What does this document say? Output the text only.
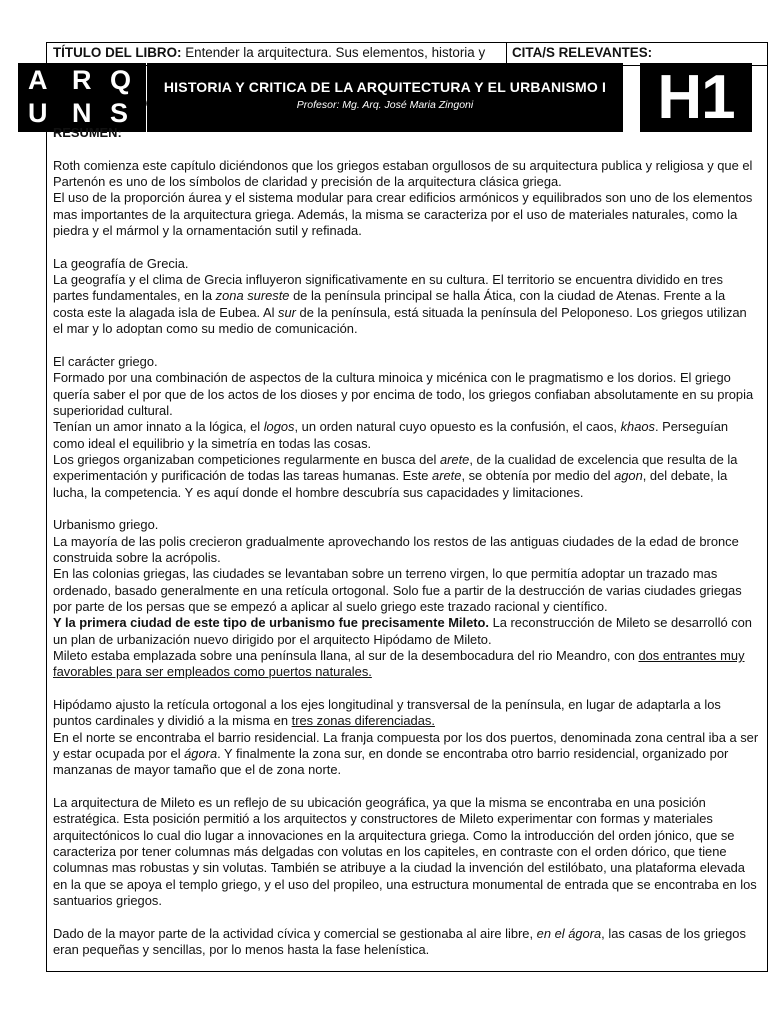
TÍTULO DEL LIBRO: Entender la arquitectura. Sus elementos, historia y CITA/S RELEVANTES:
A R Q
U N S
HISTORIA Y CRITICA DE LA ARQUITECTURA Y EL URBANISMO I
Profesor: Mg. Arq. José Maria Zingoni	H1

RESUMEN:

Roth comienza este capítulo diciéndonos que los griegos estaban orgullosos de su arquitectura publica y religiosa y que el Partenón es uno de los símbolos de claridad y precisión de la arquitectura clásica griega.

El uso de la proporción áurea y el sistema modular para crear edificios armónicos y equilibrados son uno de los elementos mas importantes de la arquitectura griega. Además, la misma se caracteriza por el uso de materiales naturales, como la piedra y el mármol y la ornamentación sutil y refinada.

La geografía de Grecia.

La geografía y el clima de Grecia influyeron significativamente en su cultura. El territorio se encuentra dividido en tres partes fundamentales, en la zona sureste de la península principal se halla Ática, con la ciudad de Atenas. Frente a la costa este la alagada isla de Eubea. Al sur de la península, está situada la península del Peloponeso. Los griegos utilizan el mar y lo adoptan como su medio de comunicación.

El carácter griego.

Formado por una combinación de aspectos de la cultura minoica y micénica con le pragmatismo e los dorios. El griego quería saber el por que de los actos de los dioses y por encima de todo, los griegos confiaban absolutamente en su propia superioridad cultural.

Tenían un amor innato a la lógica, el logos, un orden natural cuyo opuesto es la confusión, el caos, khaos. Perseguían como ideal el equilibrio y la simetría en todas las cosas.

Los griegos organizaban competiciones regularmente en busca del arete, de la cualidad de excelencia que resulta de la experimentación y purificación de todas las tareas humanas. Este arete, se obtenía por medio del agon, del debate, la lucha, la competencia. Y es aquí donde el hombre descubría sus capacidades y limitaciones.

Urbanismo griego.

La mayoría de las polis crecieron gradualmente aprovechando los restos de las antiguas ciudades de la edad de bronce construida sobre la acrópolis.

En las colonias griegas, las ciudades se levantaban sobre un terreno virgen, lo que permitía adoptar un trazado mas ordenado, basado generalmente en una retícula ortogonal. Solo fue a partir de la destrucción de varias ciudades griegas por parte de los persas que se empezó a aplicar al suelo griego este trazado racional y científico.

Y la primera ciudad de este tipo de urbanismo fue precisamente Mileto. La reconstrucción de Mileto se desarrolló con un plan de urbanización nuevo dirigido por el arquitecto Hipódamo de Mileto.

Mileto estaba emplazada sobre una península llana, al sur de la desembocadura del rio Meandro, con dos entrantes muy favorables para ser empleados como puertos naturales.

Hipódamo ajusto la retícula ortogonal a los ejes longitudinal y transversal de la península, en lugar de adaptarla a los puntos cardinales y dividió a la misma en tres zonas diferenciadas.

En el norte se encontraba el barrio residencial. La franja compuesta por los dos puertos, denominada zona central iba a ser y estar ocupada por el ágora. Y finalmente la zona sur, en donde se encontraba otro barrio residencial, organizado por manzanas de mayor tamaño que el de zona norte.

La arquitectura de Mileto es un reflejo de su ubicación geográfica, ya que la misma se encontraba en una posición estratégica. Esta posición permitió a los arquitectos y constructores de Mileto experimentar con formas y materiales arquitectónicos lo cual dio lugar a innovaciones en la arquitectura griega. Como la introducción del orden jónico, que se caracteriza por tener columnas más delgadas con volutas en los capiteles, en contraste con el orden dórico, que tiene columnas mas robustas y sin volutas. También se atribuye a la ciudad la invención del estilóbato, una plataforma elevada en la que se apoya el templo griego, y el uso del propileo, una estructura monumental de entrada que se encontraba en los santuarios griegos.

Dado de la mayor parte de la actividad cívica y comercial se gestionaba al aire libre, en el ágora, las casas de los griegos eran pequeñas y sencillas, por lo menos hasta la fase helenística.
